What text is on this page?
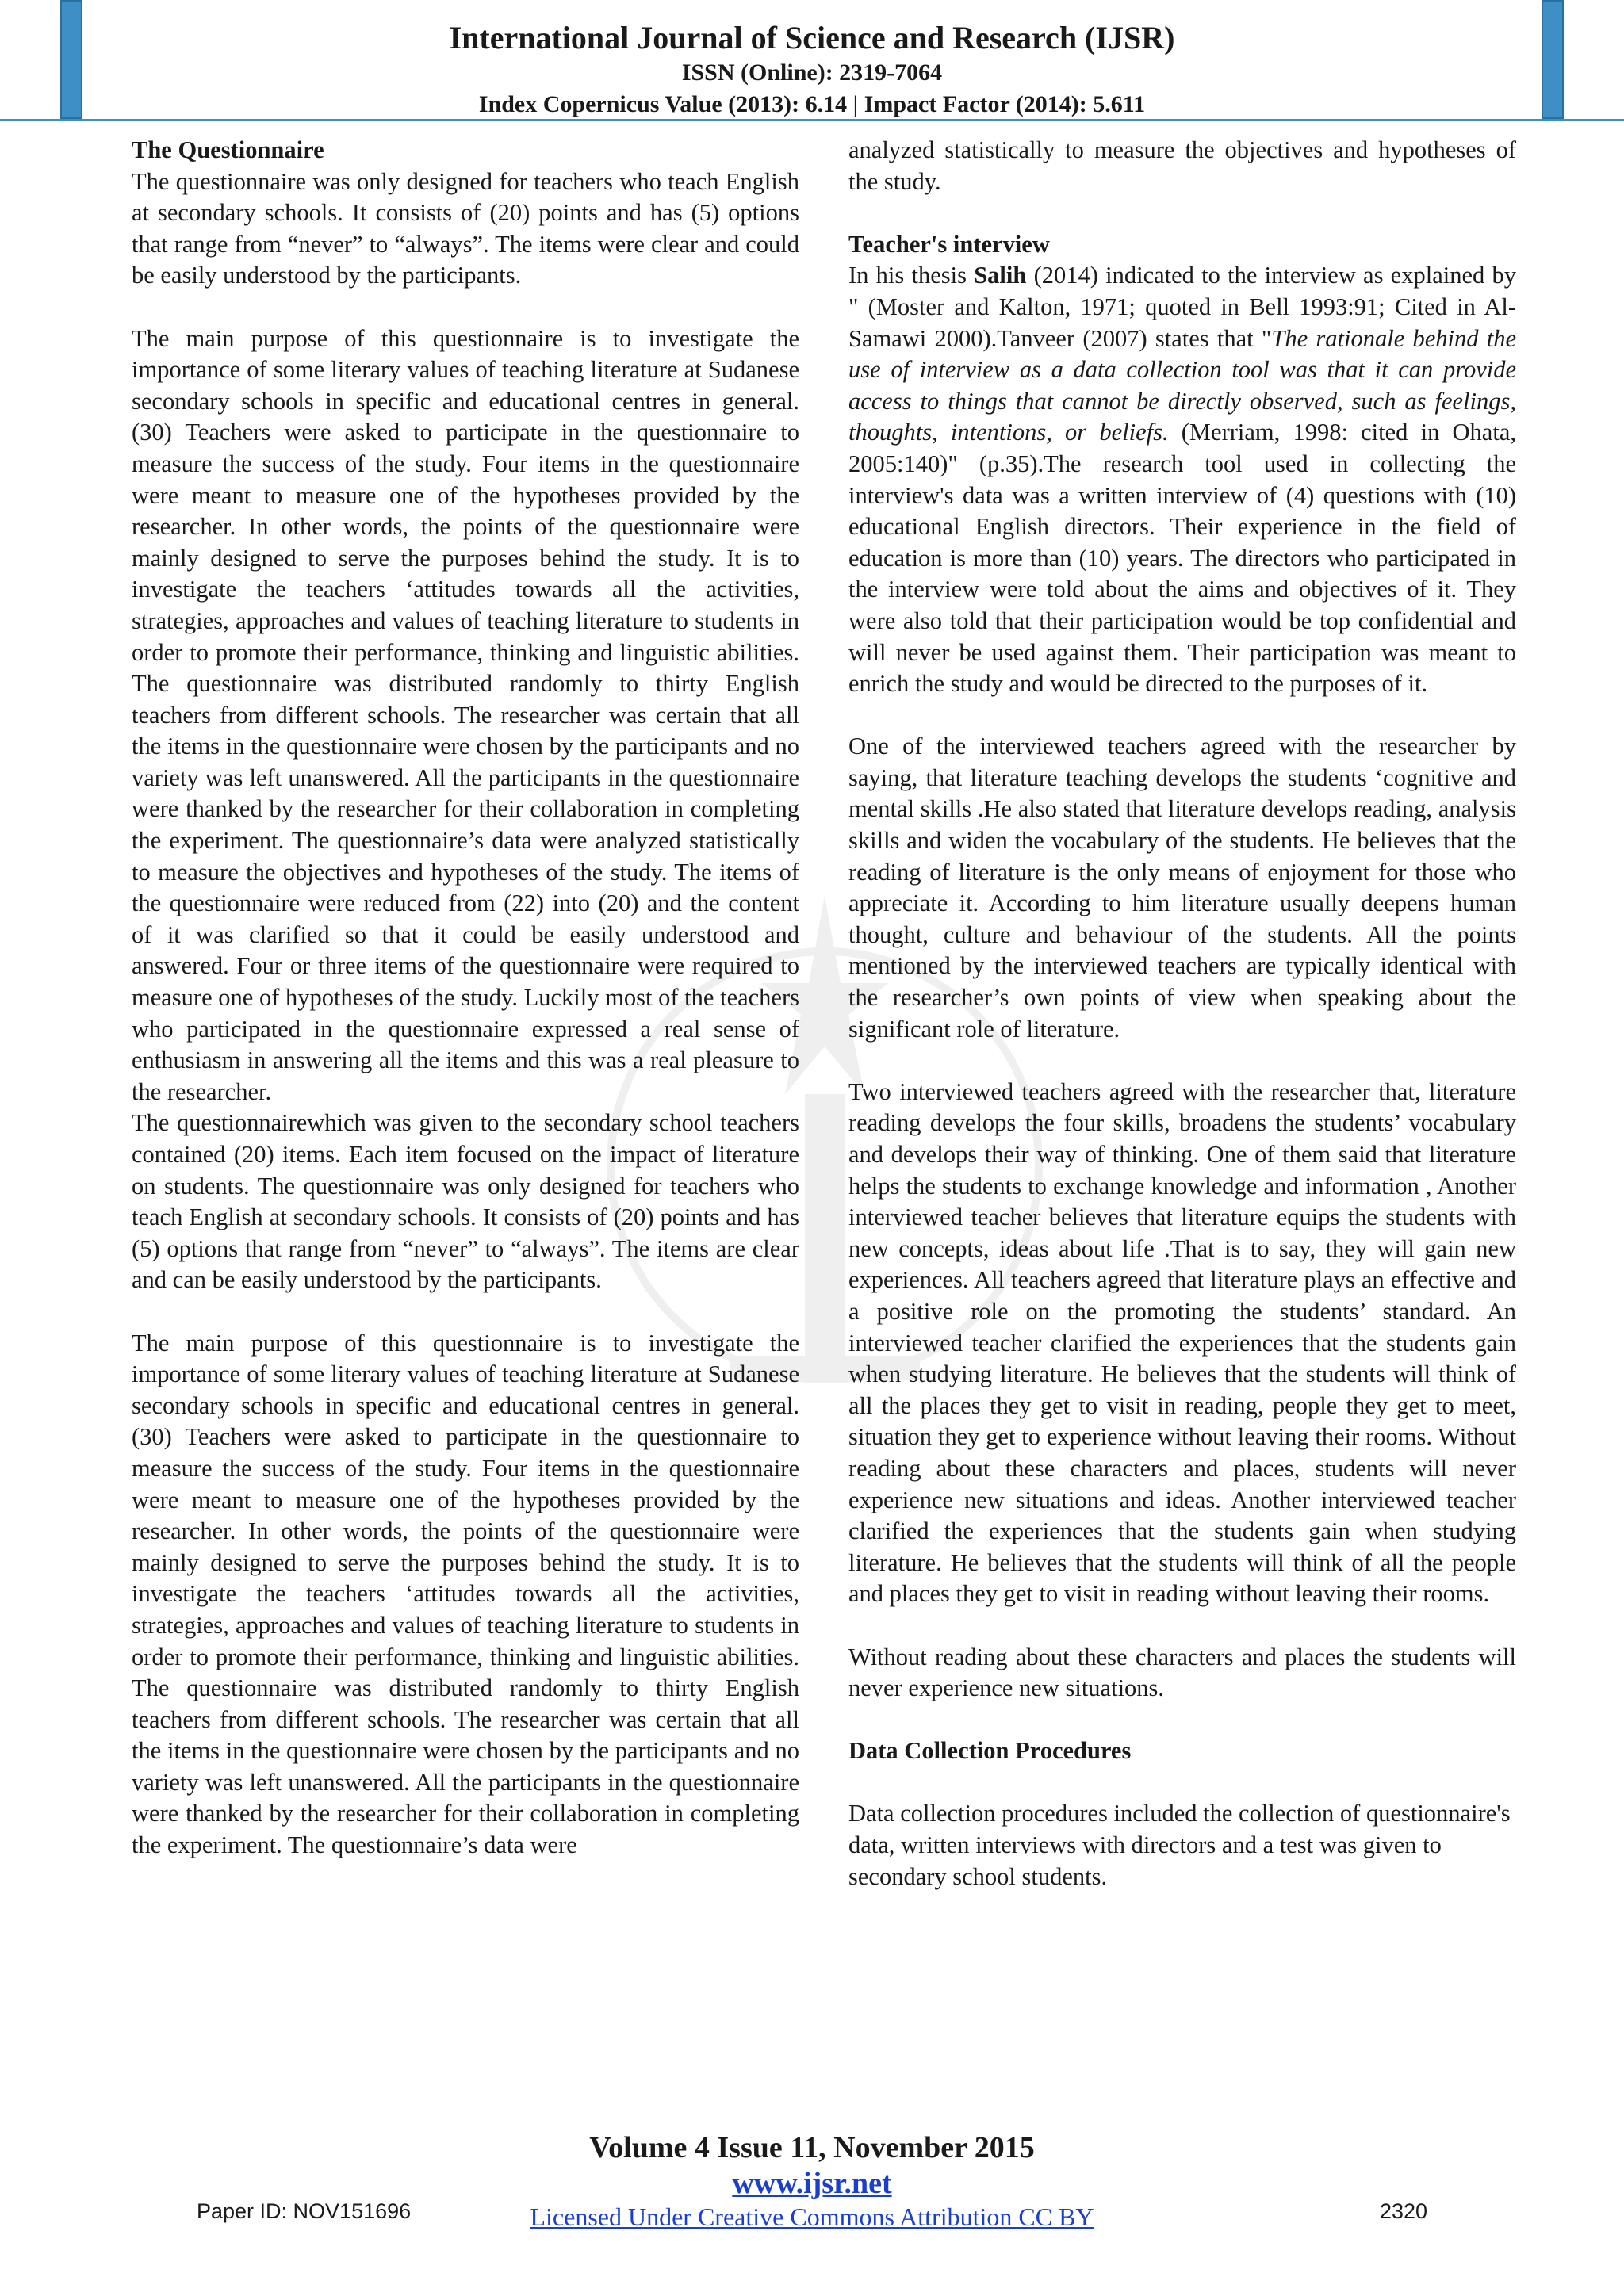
International Journal of Science and Research (IJSR)
ISSN (Online): 2319-7064
Index Copernicus Value (2013): 6.14 | Impact Factor (2014): 5.611
The Questionnaire

The questionnaire was only designed for teachers who teach English at secondary schools. It consists of (20) points and has (5) options that range from “never” to “always”. The items were clear and could be easily understood by the participants.

The main purpose of this questionnaire is to investigate the importance of some literary values of teaching literature at Sudanese secondary schools in specific and educational centres in general. (30) Teachers were asked to participate in the questionnaire to measure the success of the study. Four items in the questionnaire were meant to measure one of the hypotheses provided by the researcher. In other words, the points of the questionnaire were mainly designed to serve the purposes behind the study. It is to investigate the teachers ‘attitudes towards all the activities, strategies, approaches and values of teaching literature to students in order to promote their performance, thinking and linguistic abilities. The questionnaire was distributed randomly to thirty English teachers from different schools. The researcher was certain that all the items in the questionnaire were chosen by the participants and no variety was left unanswered. All the participants in the questionnaire were thanked by the researcher for their collaboration in completing the experiment. The questionnaire’s data were analyzed statistically to measure the objectives and hypotheses of the study. The items of the questionnaire were reduced from (22) into (20) and the content of it was clarified so that it could be easily understood and answered. Four or three items of the questionnaire were required to measure one of hypotheses of the study. Luckily most of the teachers who participated in the questionnaire expressed a real sense of enthusiasm in answering all the items and this was a real pleasure to the researcher.

The questionnairewhich was given to the secondary school teachers contained (20) items. Each item focused on the impact of literature on students. The questionnaire was only designed for teachers who teach English at secondary schools. It consists of (20) points and has (5) options that range from “never” to “always”. The items are clear and can be easily understood by the participants.

The main purpose of this questionnaire is to investigate the importance of some literary values of teaching literature at Sudanese secondary schools in specific and educational centres in general. (30) Teachers were asked to participate in the questionnaire to measure the success of the study. Four items in the questionnaire were meant to measure one of the hypotheses provided by the researcher. In other words, the points of the questionnaire were mainly designed to serve the purposes behind the study. It is to investigate the teachers ‘attitudes towards all the activities, strategies, approaches and values of teaching literature to students in order to promote their performance, thinking and linguistic abilities. The questionnaire was distributed randomly to thirty English teachers from different schools. The researcher was certain that all the items in the questionnaire were chosen by the participants and no variety was left unanswered. All the participants in the questionnaire were thanked by the researcher for their collaboration in completing the experiment. The questionnaire’s data were

analyzed statistically to measure the objectives and hypotheses of the study.

Teacher's interview

In his thesis Salih (2014) indicated to the interview as explained by " (Moster and Kalton, 1971; quoted in Bell 1993:91; Cited in Al-Samawi 2000).Tanveer (2007) states that "The rationale behind the use of interview as a data collection tool was that it can provide access to things that cannot be directly observed, such as feelings, thoughts, intentions, or beliefs. (Merriam, 1998: cited in Ohata, 2005:140)" (p.35).The research tool used in collecting the interview's data was a written interview of (4) questions with (10) educational English directors. Their experience in the field of education is more than (10) years. The directors who participated in the interview were told about the aims and objectives of it. They were also told that their participation would be top confidential and will never be used against them. Their participation was meant to enrich the study and would be directed to the purposes of it.

One of the interviewed teachers agreed with the researcher by saying, that literature teaching develops the students ‘cognitive and mental skills .He also stated that literature develops reading, analysis skills and widen the vocabulary of the students. He believes that the reading of literature is the only means of enjoyment for those who appreciate it. According to him literature usually deepens human thought, culture and behaviour of the students. All the points mentioned by the interviewed teachers are typically identical with the researcher’s own points of view when speaking about the significant role of literature.

Two interviewed teachers agreed with the researcher that, literature reading develops the four skills, broadens the students’ vocabulary and develops their way of thinking. One of them said that literature helps the students to exchange knowledge and information , Another interviewed teacher believes that literature equips the students with new concepts, ideas about life .That is to say, they will gain new experiences. All teachers agreed that literature plays an effective and a positive role on the promoting the students’ standard. An interviewed teacher clarified the experiences that the students gain when studying literature. He believes that the students will think of all the places they get to visit in reading, people they get to meet, situation they get to experience without leaving their rooms. Without reading about these characters and places, students will never experience new situations and ideas. Another interviewed teacher clarified the experiences that the students gain when studying literature. He believes that the students will think of all the people and places they get to visit in reading without leaving their rooms.

Without reading about these characters and places the students will never experience new situations.

Data Collection Procedures

Data collection procedures included the collection of questionnaire's data, written interviews with directors and a test was given to secondary school students.

Volume 4 Issue 11, November 2015
www.ijsr.net
Licensed Under Creative Commons Attribution CC BY
Paper ID: NOV151696	2320
